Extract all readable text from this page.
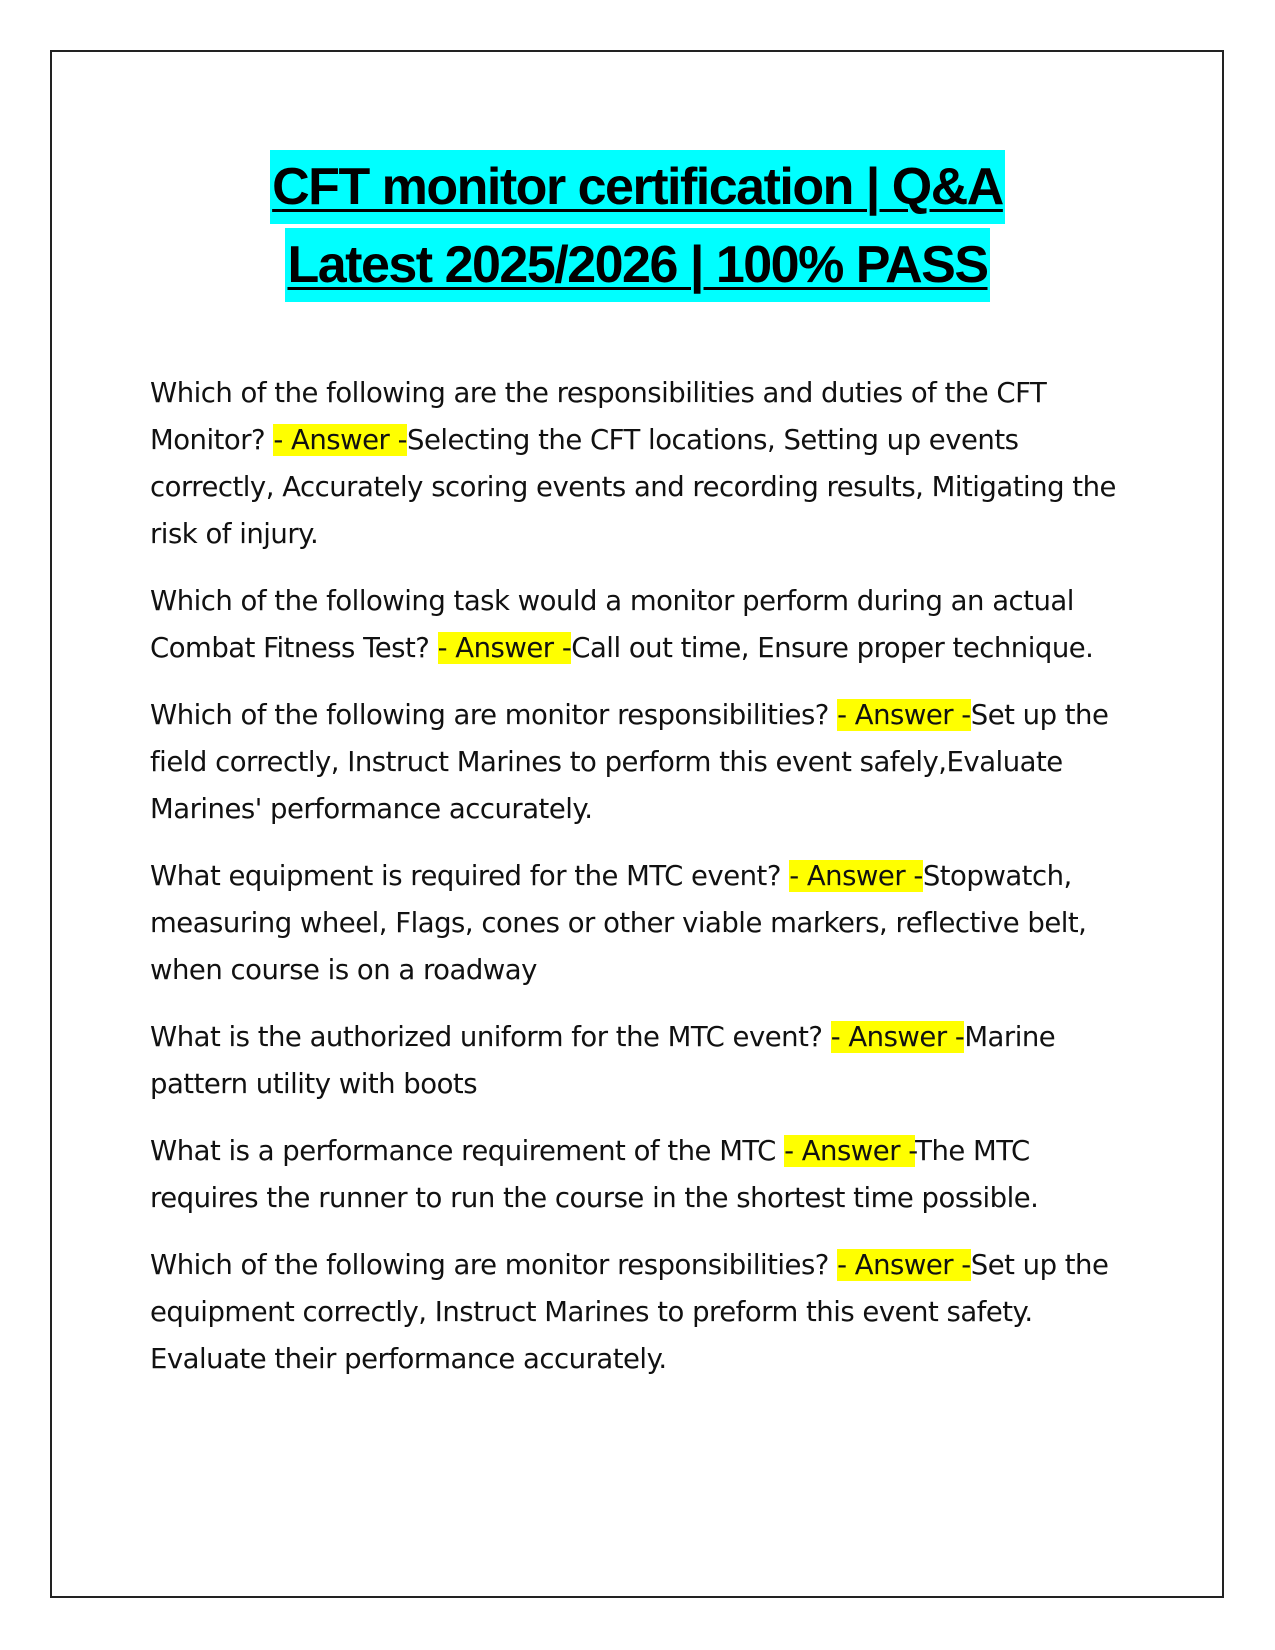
CFT monitor certification | Q&A
Latest 2025/2026 | 100% PASS

Which of the following are the responsibilities and duties of the CFT Monitor? - Answer -Selecting the CFT locations, Setting up events correctly, Accurately scoring events and recording results, Mitigating the risk of injury.

Which of the following task would a monitor perform during an actual Combat Fitness Test? - Answer -Call out time, Ensure proper technique.

Which of the following are monitor responsibilities? - Answer -Set up the field correctly, Instruct Marines to perform this event safely,Evaluate Marines' performance accurately.

What equipment is required for the MTC event? - Answer -Stopwatch, measuring wheel, Flags, cones or other viable markers, reflective belt, when course is on a roadway

What is the authorized uniform for the MTC event? - Answer -Marine pattern utility with boots

What is a performance requirement of the MTC - Answer -The MTC requires the runner to run the course in the shortest time possible.

Which of the following are monitor responsibilities? - Answer -Set up the equipment correctly, Instruct Marines to preform this event safety. Evaluate their performance accurately.
